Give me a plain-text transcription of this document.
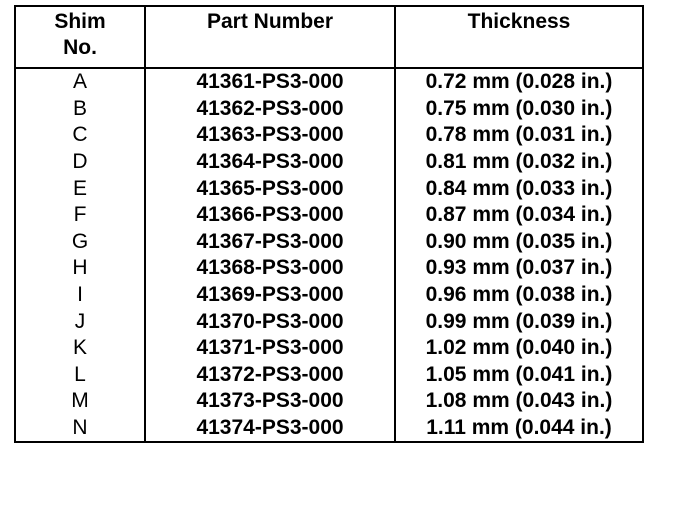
Shim
No.	Part Number	Thickness
A	41361-PS3-000	0.72 mm (0.028 in.)
B	41362-PS3-000	0.75 mm (0.030 in.)
C	41363-PS3-000	0.78 mm (0.031 in.)
D	41364-PS3-000	0.81 mm (0.032 in.)
E	41365-PS3-000	0.84 mm (0.033 in.)
F	41366-PS3-000	0.87 mm (0.034 in.)
G	41367-PS3-000	0.90 mm (0.035 in.)
H	41368-PS3-000	0.93 mm (0.037 in.)
I	41369-PS3-000	0.96 mm (0.038 in.)
J	41370-PS3-000	0.99 mm (0.039 in.)
K	41371-PS3-000	1.02 mm (0.040 in.)
L	41372-PS3-000	1.05 mm (0.041 in.)
M	41373-PS3-000	1.08 mm (0.043 in.)
N	41374-PS3-000	1.11 mm (0.044 in.)
